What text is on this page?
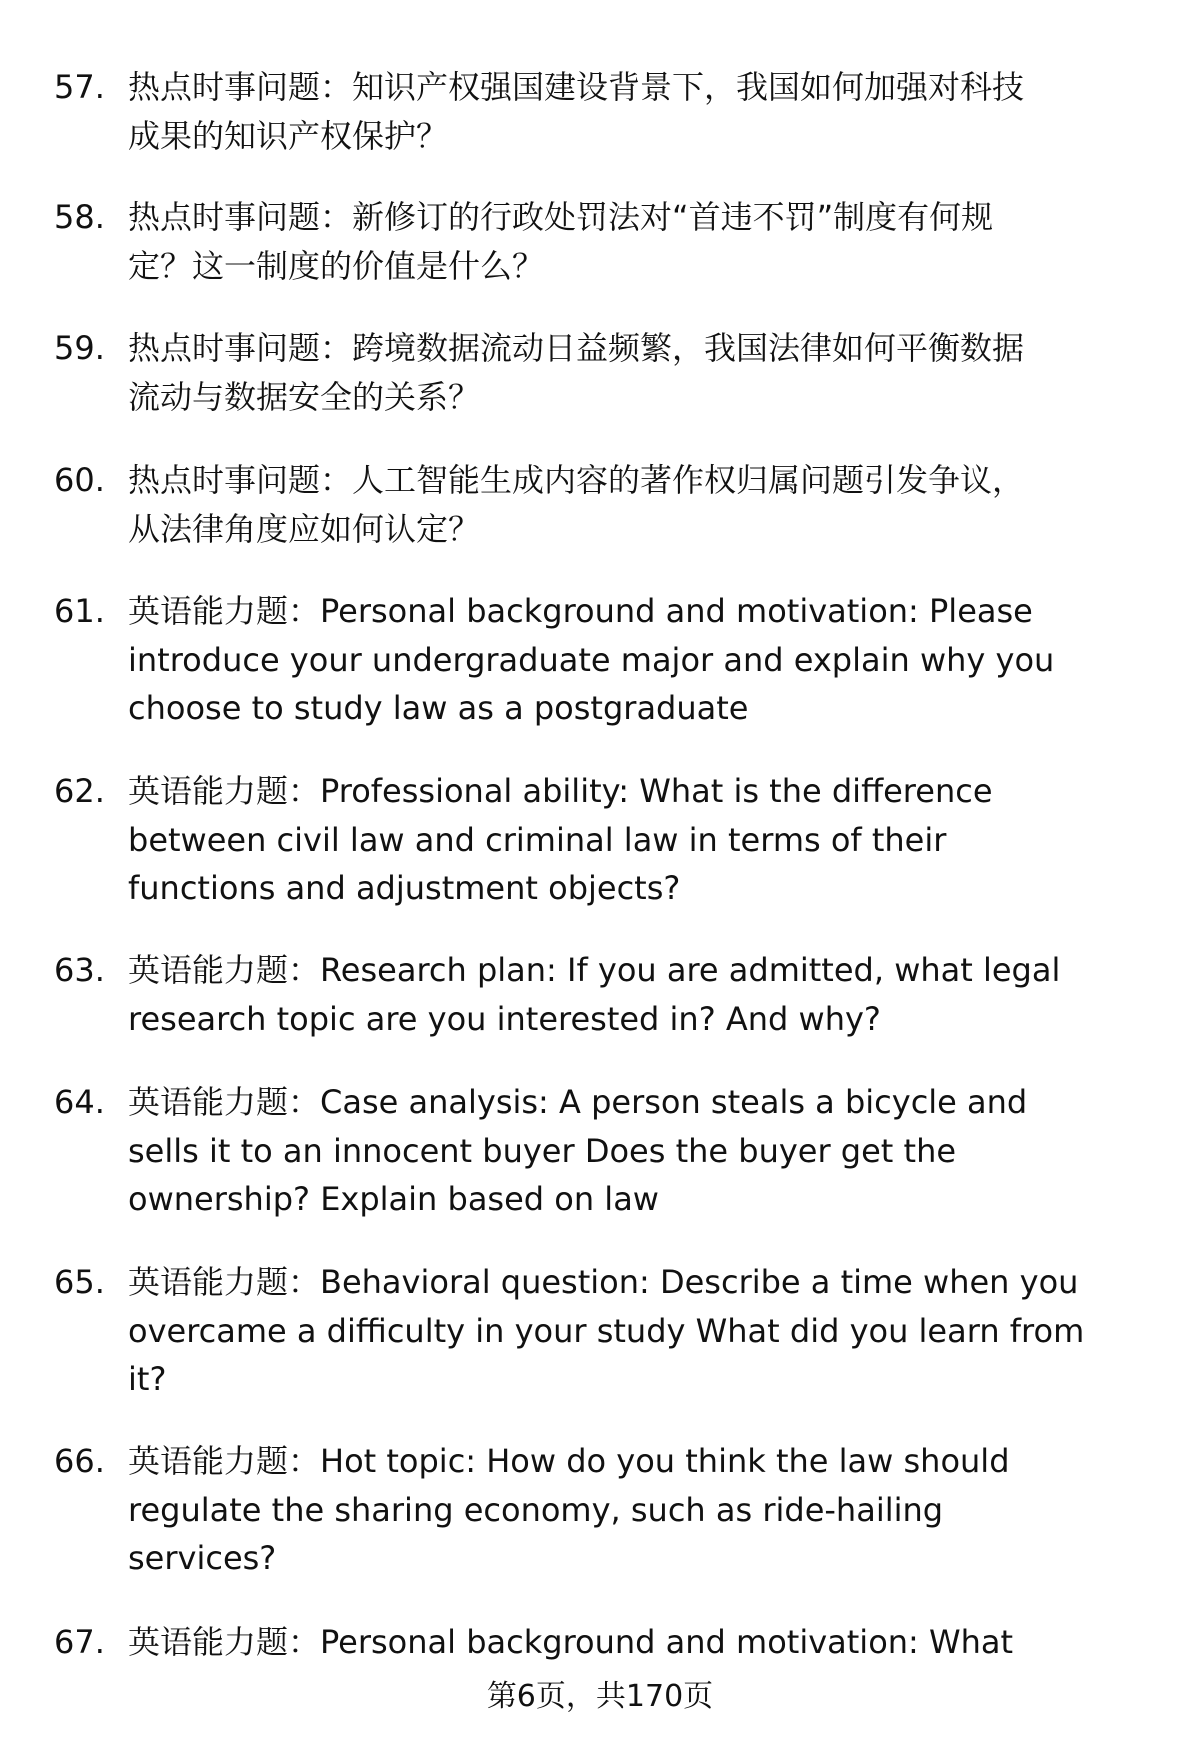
57. 热点时事问题：知识产权强国建设背景下，我国如何加强对科技
成果的知识产权保护？
58. 热点时事问题：新修订的行政处罚法对“首违不罚”制度有何规
定？这一制度的价值是什么？
59. 热点时事问题：跨境数据流动日益频繁，我国法律如何平衡数据
流动与数据安全的关系？
60. 热点时事问题：人工智能生成内容的著作权归属问题引发争议，
从法律角度应如何认定？
61. 英语能力题：Personal background and motivation: Please
introduce your undergraduate major and explain why you
choose to study law as a postgraduate
62. 英语能力题：Professional ability: What is the difference
between civil law and criminal law in terms of their
functions and adjustment objects?
63. 英语能力题：Research plan: If you are admitted, what legal
research topic are you interested in? And why?
64. 英语能力题：Case analysis: A person steals a bicycle and
sells it to an innocent buyer Does the buyer get the
ownership? Explain based on law
65. 英语能力题：Behavioral question: Describe a time when you
overcame a difficulty in your study What did you learn from
it?
66. 英语能力题：Hot topic: How do you think the law should
regulate the sharing economy, such as ride-hailing
services?
67. 英语能力题：Personal background and motivation: What
第6页，共170页
